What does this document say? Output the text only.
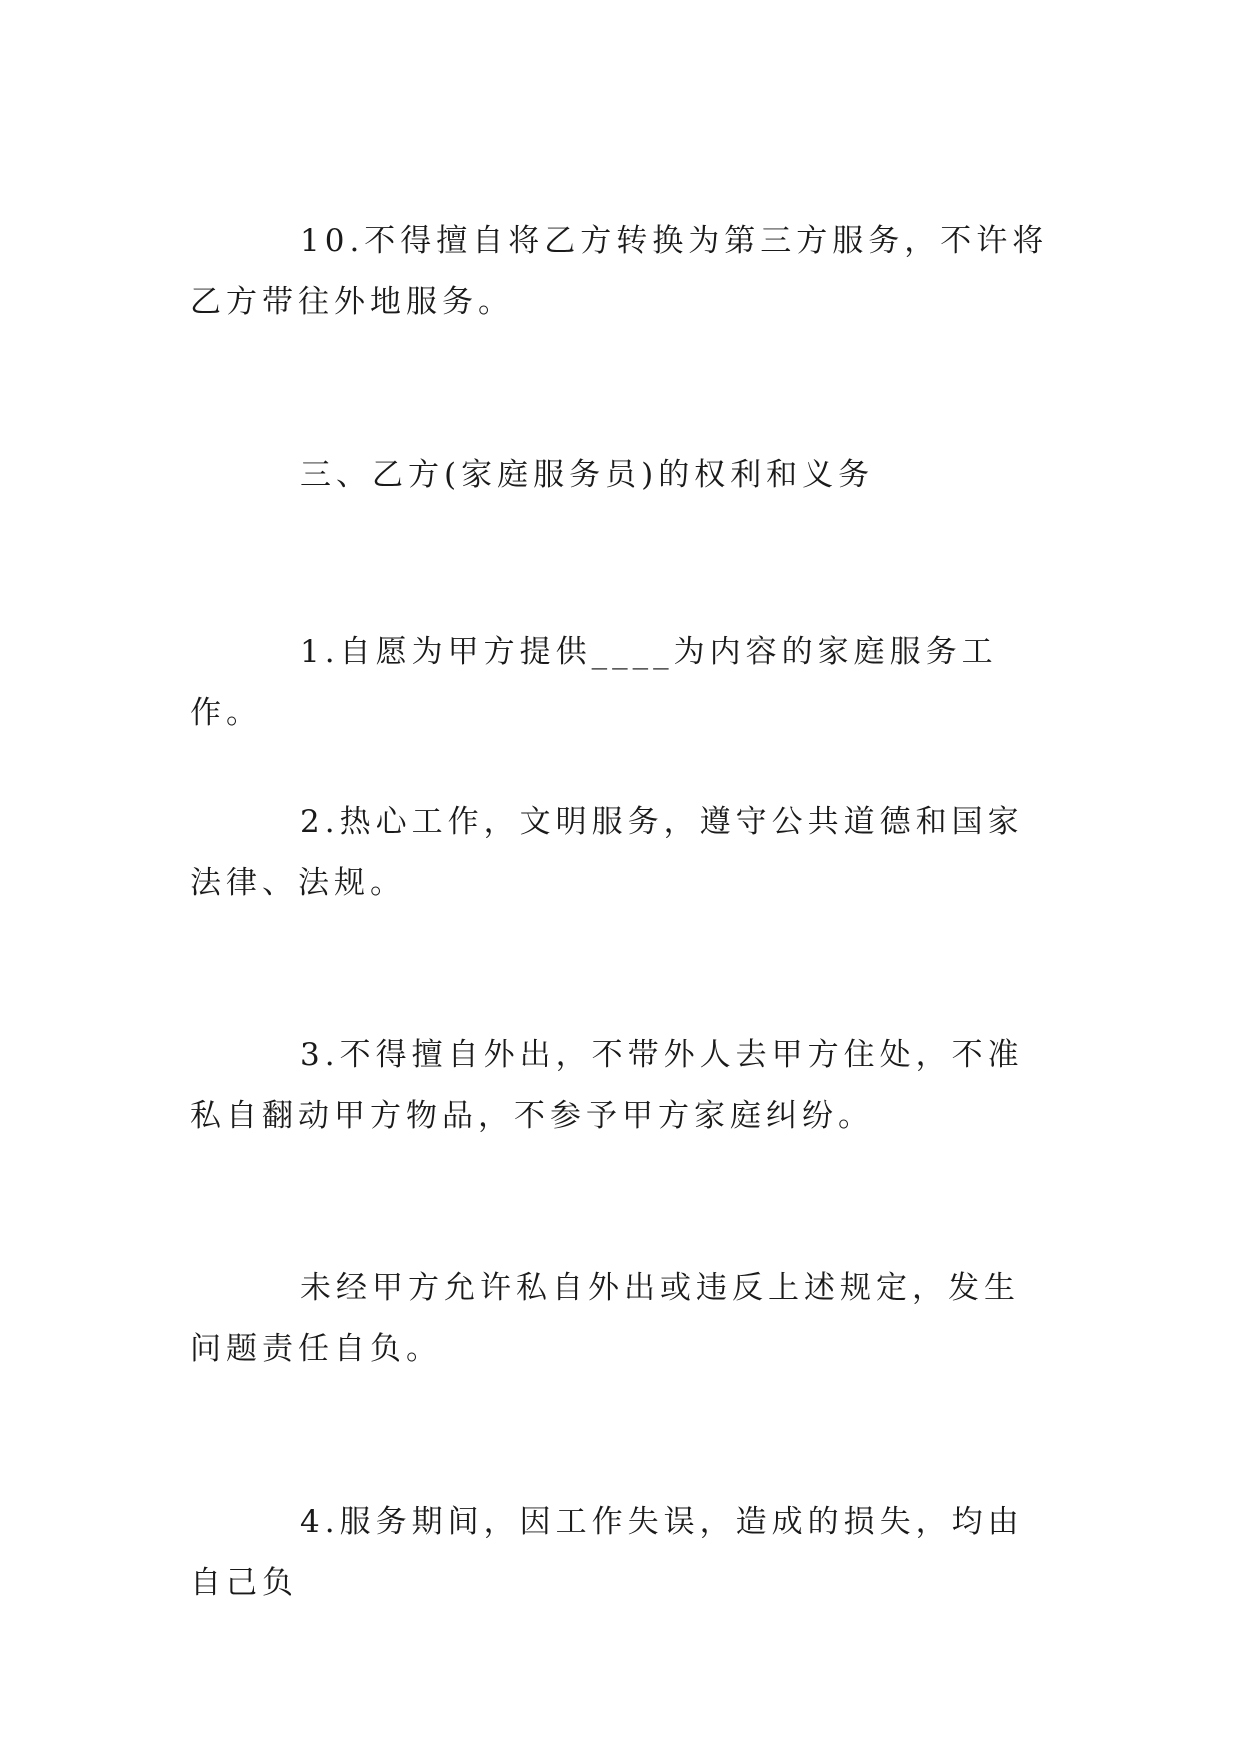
10.不得擅自将乙方转换为第三方服务，不许将乙方带往外地服务。

三、乙方(家庭服务员)的权利和义务

1.自愿为甲方提供____为内容的家庭服务工作。

2.热心工作，文明服务，遵守公共道德和国家法律、法规。

3.不得擅自外出，不带外人去甲方住处，不准私自翻动甲方物品，不参予甲方家庭纠纷。

未经甲方允许私自外出或违反上述规定，发生问题责任自负。

4.服务期间，因工作失误，造成的损失，均由自己负
